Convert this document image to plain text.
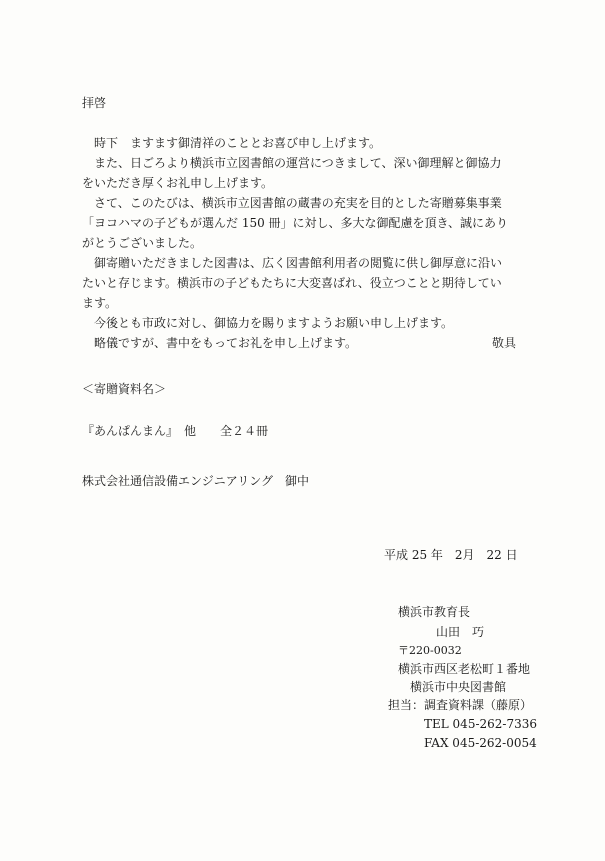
拝啓
　時下　ますます御清祥のこととお喜び申し上げます。
　また、日ごろより横浜市立図書館の運営につきまして、深い御理解と御協力
をいただき厚くお礼申し上げます。
　さて、このたびは、横浜市立図書館の蔵書の充実を目的とした寄贈募集事業
「ヨコハマの子どもが選んだ 150 冊」に対し、多大な御配慮を頂き、誠にあり
がとうございました。
　御寄贈いただきました図書は、広く図書館利用者の閲覧に供し御厚意に沿い
たいと存じます。横浜市の子どもたちに大変喜ばれ、役立つことと期待してい
ます。
　今後とも市政に対し、御協力を賜りますようお願い申し上げます。
　略儀ですが、書中をもってお礼を申し上げます。	敬具
＜寄贈資料名＞
『あんぱんまん』　他　　全２４冊
株式会社通信設備エンジニアリング　御中
平成 25 年　2月　22 日
横浜市教育長
山田　巧
〒220-0032
横浜市西区老松町１番地
横浜市中央図書館
担当：調査資料課（藤原）
TEL 045-262-7336
FAX 045-262-0054
